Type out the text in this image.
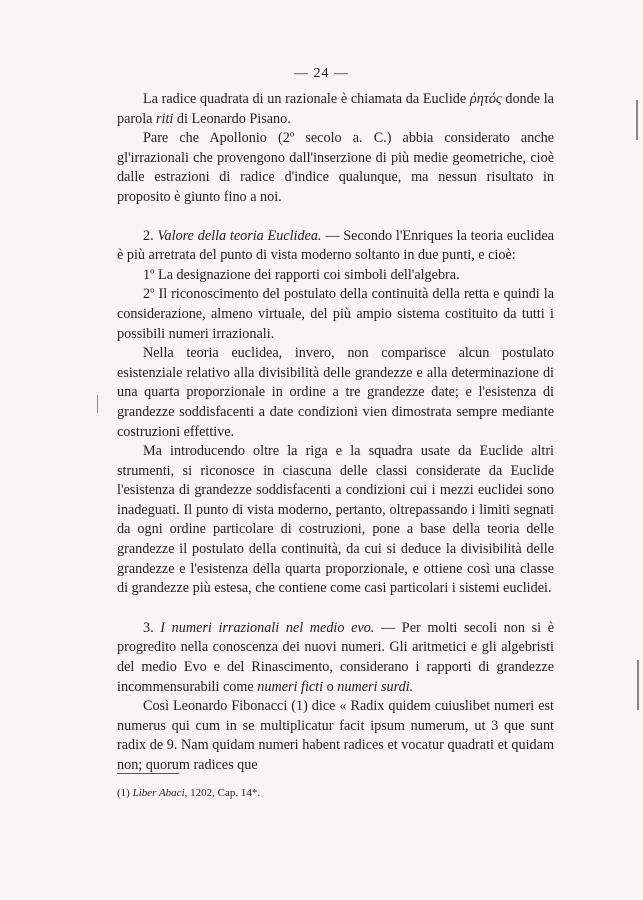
— 24 —

La radice quadrata di un razionale è chiamata da Euclide ῥητός donde la parola riti di Leonardo Pisano.

Pare che Apollonio (2º secolo a. C.) abbia considerato anche gl'irrazionali che provengono dall'inserzione di più medie geometriche, cioè dalle estrazioni di radice d'indice qualunque, ma nessun risultato in proposito è giunto fino a noi.

2. Valore della teoria Euclidea. — Secondo l'Enriques la teoria euclidea è più arretrata del punto di vista moderno soltanto in due punti, e cioè:

1º La designazione dei rapporti coi simboli dell'algebra.

2º Il riconoscimento del postulato della continuità della retta e quindi la considerazione, almeno virtuale, del più ampio sistema costituito da tutti i possibili numeri irrazionali.

Nella teoria euclidea, invero, non comparisce alcun postulato esistenziale relativo alla divisibilità delle grandezze e alla determinazione di una quarta proporzionale in ordine a tre grandezze date; e l'esistenza di grandezze soddisfacenti a date condizioni vien dimostrata sempre mediante costruzioni effettive.

Ma introducendo oltre la riga e la squadra usate da Euclide altri strumenti, si riconosce in ciascuna delle classi considerate da Euclide l'esistenza di grandezze soddisfacenti a condizioni cui i mezzi euclidei sono inadeguati. Il punto di vista moderno, pertanto, oltrepassando i limiti segnati da ogni ordine particolare di costruzioni, pone a base della teoria delle grandezze il postulato della continuità, da cui si deduce la divisibilità delle grandezze e l'esistenza della quarta proporzionale, e ottiene così una classe di grandezze più estesa, che contiene come casi particolari i sistemi euclidei.

3. I numeri irrazionali nel medio evo. — Per molti secoli non si è progredito nella conoscenza dei nuovi numeri. Gli aritmetici e gli algebristi del medio Evo e del Rinascimento, considerano i rapporti di grandezze incommensurabili come numeri ficti o numeri surdi.

Così Leonardo Fibonacci (1) dice « Radix quidem cuiuslibet numeri est numerus qui cum in se multiplicatur facit ipsum numerum, ut 3 que sunt radix de 9. Nam quidam numeri habent radices et vocatur quadrati et quidam non; quorum radices que

(1) Liber Abaci, 1202, Cap. 14*.
